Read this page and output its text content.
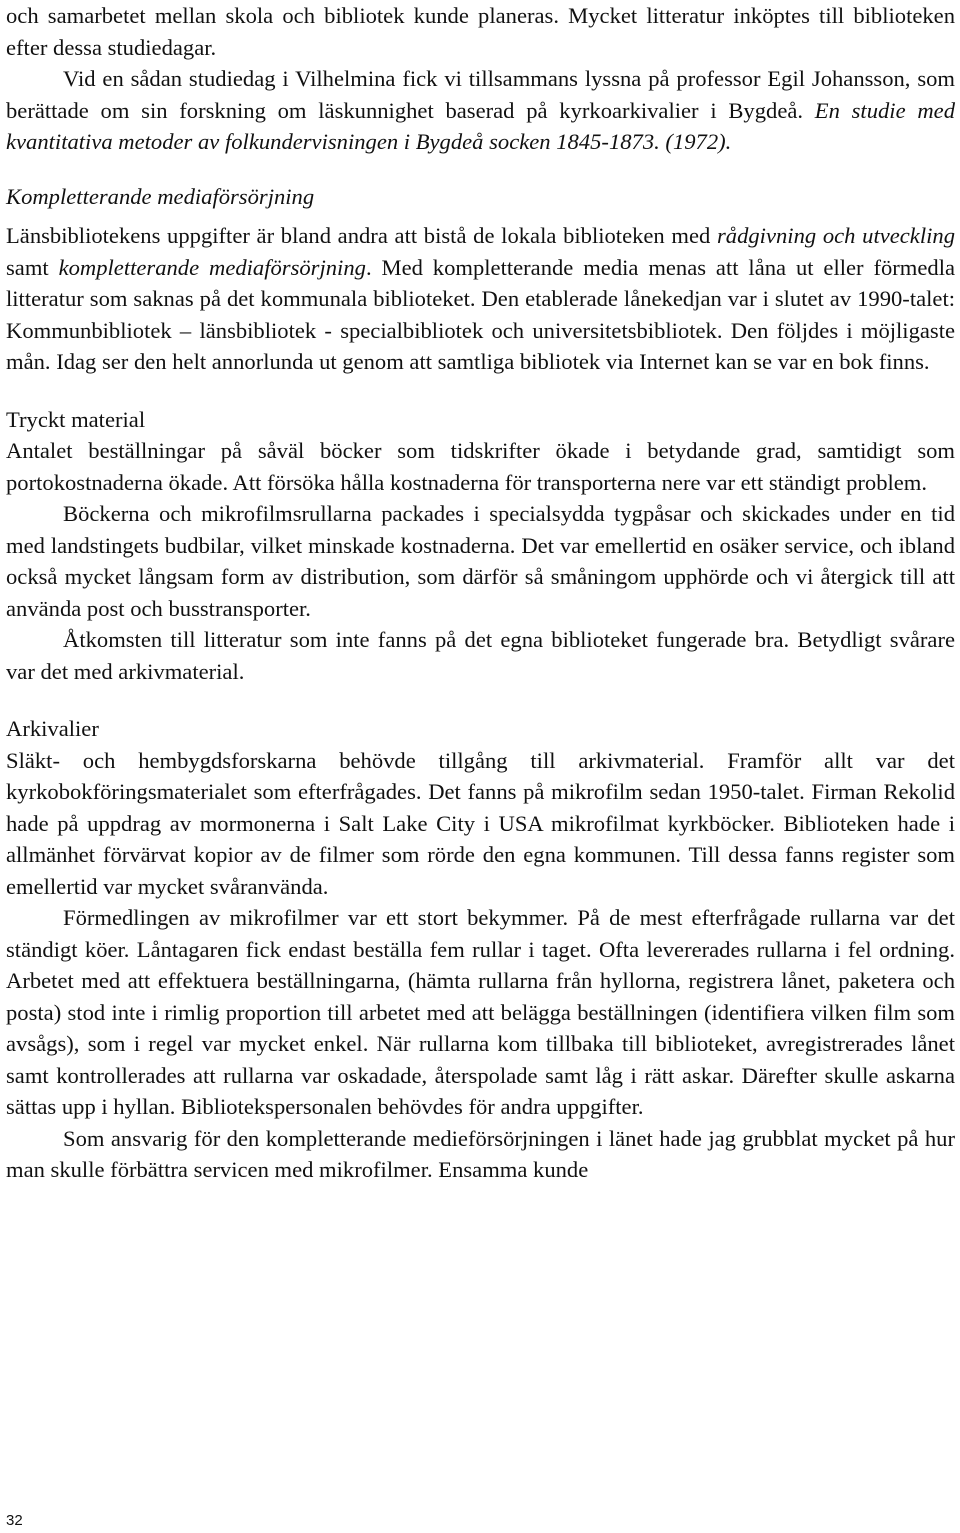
och samarbetet mellan skola och bibliotek kunde planeras. Mycket litteratur inköptes till biblioteken efter dessa studiedagar.

Vid en sådan studiedag i Vilhelmina fick vi tillsammans lyssna på professor Egil Johansson, som berättade om sin forskning om läskunnighet baserad på kyrkoarkivalier i Bygdeå. En studie med kvantitativa metoder av folkundervisningen i Bygdeå socken 1845-1873. (1972).

Kompletterande mediaförsörjning

Länsbibliotekens uppgifter är bland andra att bistå de lokala biblioteken med rådgivning och utveckling samt kompletterande mediaförsörjning. Med kompletterande media menas att låna ut eller förmedla litteratur som saknas på det kommunala biblioteket. Den etablerade lånekedjan var i slutet av 1990-talet: Kommunbibliotek – länsbibliotek - specialbibliotek och universitetsbibliotek. Den följdes i möjligaste mån. Idag ser den helt annorlunda ut genom att samtliga bibliotek via Internet kan se var en bok finns.

Tryckt material

Antalet beställningar på såväl böcker som tidskrifter ökade i betydande grad, samtidigt som portokostnaderna ökade. Att försöka hålla kostnaderna för transporterna nere var ett ständigt problem.

Böckerna och mikrofilmsrullarna packades i specialsydda tygpåsar och skickades under en tid med landstingets budbilar, vilket minskade kostnaderna. Det var emellertid en osäker service, och ibland också mycket långsam form av distribution, som därför så småningom upphörde och vi återgick till att använda post och busstransporter.

Åtkomsten till litteratur som inte fanns på det egna biblioteket fungerade bra. Betydligt svårare var det med arkivmaterial.

Arkivalier

Släkt- och hembygdsforskarna behövde tillgång till arkivmaterial. Framför allt var det kyrkobokföringsmaterialet som efterfrågades. Det fanns på mikrofilm sedan 1950-talet. Firman Rekolid hade på uppdrag av mormonerna i Salt Lake City i USA mikrofilmat kyrkböcker. Biblioteken hade i allmänhet förvärvat kopior av de filmer som rörde den egna kommunen. Till dessa fanns register som emellertid var mycket svåranvända.

Förmedlingen av mikrofilmer var ett stort bekymmer. På de mest efterfrågade rullarna var det ständigt köer. Låntagaren fick endast beställa fem rullar i taget. Ofta levererades rullarna i fel ordning. Arbetet med att effektuera beställningarna, (hämta rullarna från hyllorna, registrera lånet, paketera och posta) stod inte i rimlig proportion till arbetet med att belägga beställningen (identifiera vilken film som avsågs), som i regel var mycket enkel. När rullarna kom tillbaka till biblioteket, avregistrerades lånet samt kontrollerades att rullarna var oskadade, återspolade samt låg i rätt askar. Därefter skulle askarna sättas upp i hyllan. Bibliotekspersonalen behövdes för andra uppgifter.

Som ansvarig för den kompletterande medieförsörjningen i länet hade jag grubblat mycket på hur man skulle förbättra servicen med mikrofilmer. Ensamma kunde

32
